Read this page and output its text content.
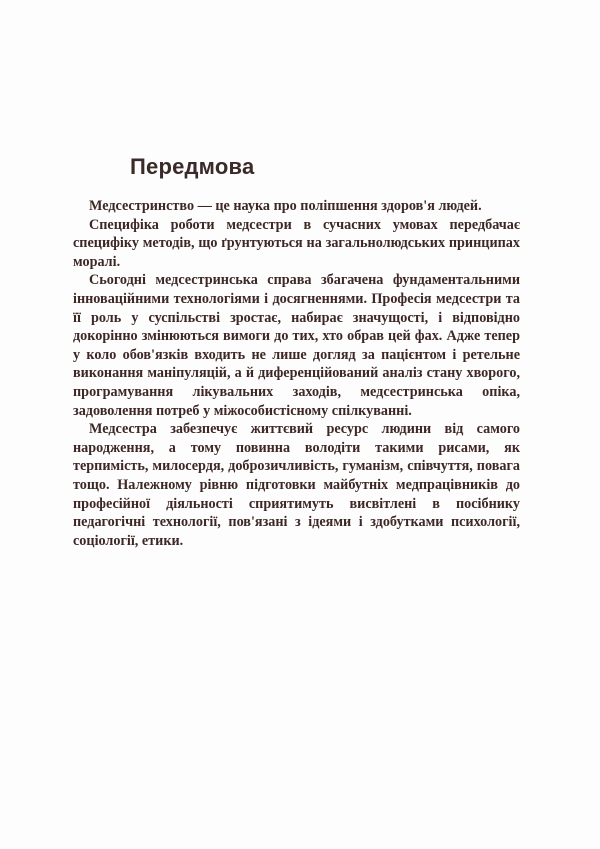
Передмова

Медсестринство — це наука про поліпшення здоров'я людей.

Специфіка роботи медсестри в сучасних умовах передбачає специфіку методів, що ґрунтуються на загальнолюдських принципах моралі.

Сьогодні медсестринська справа збагачена фундаментальними інноваційними технологіями і досягненнями. Професія медсестри та її роль у суспільстві зростає, набирає значущості, і відповідно докорінно змінюються вимоги до тих, хто обрав цей фах. Адже тепер у коло обов'язків входить не лише догляд за пацієнтом і ретельне виконання маніпуляцій, а й диференційований аналіз стану хворого, програмування лікувальних заходів, медсестринська опіка, задоволення потреб у міжособистісному спілкуванні.

Медсестра забезпечує життєвий ресурс людини від самого народження, а тому повинна володіти такими рисами, як терпимість, милосердя, доброзичливість, гуманізм, співчуття, повага тощо. Належному рівню підготовки майбутніх медпрацівників до професійної діяльності сприятимуть висвітлені в посібнику педагогічні технології, пов'язані з ідеями і здобутками психології, соціології, етики.
